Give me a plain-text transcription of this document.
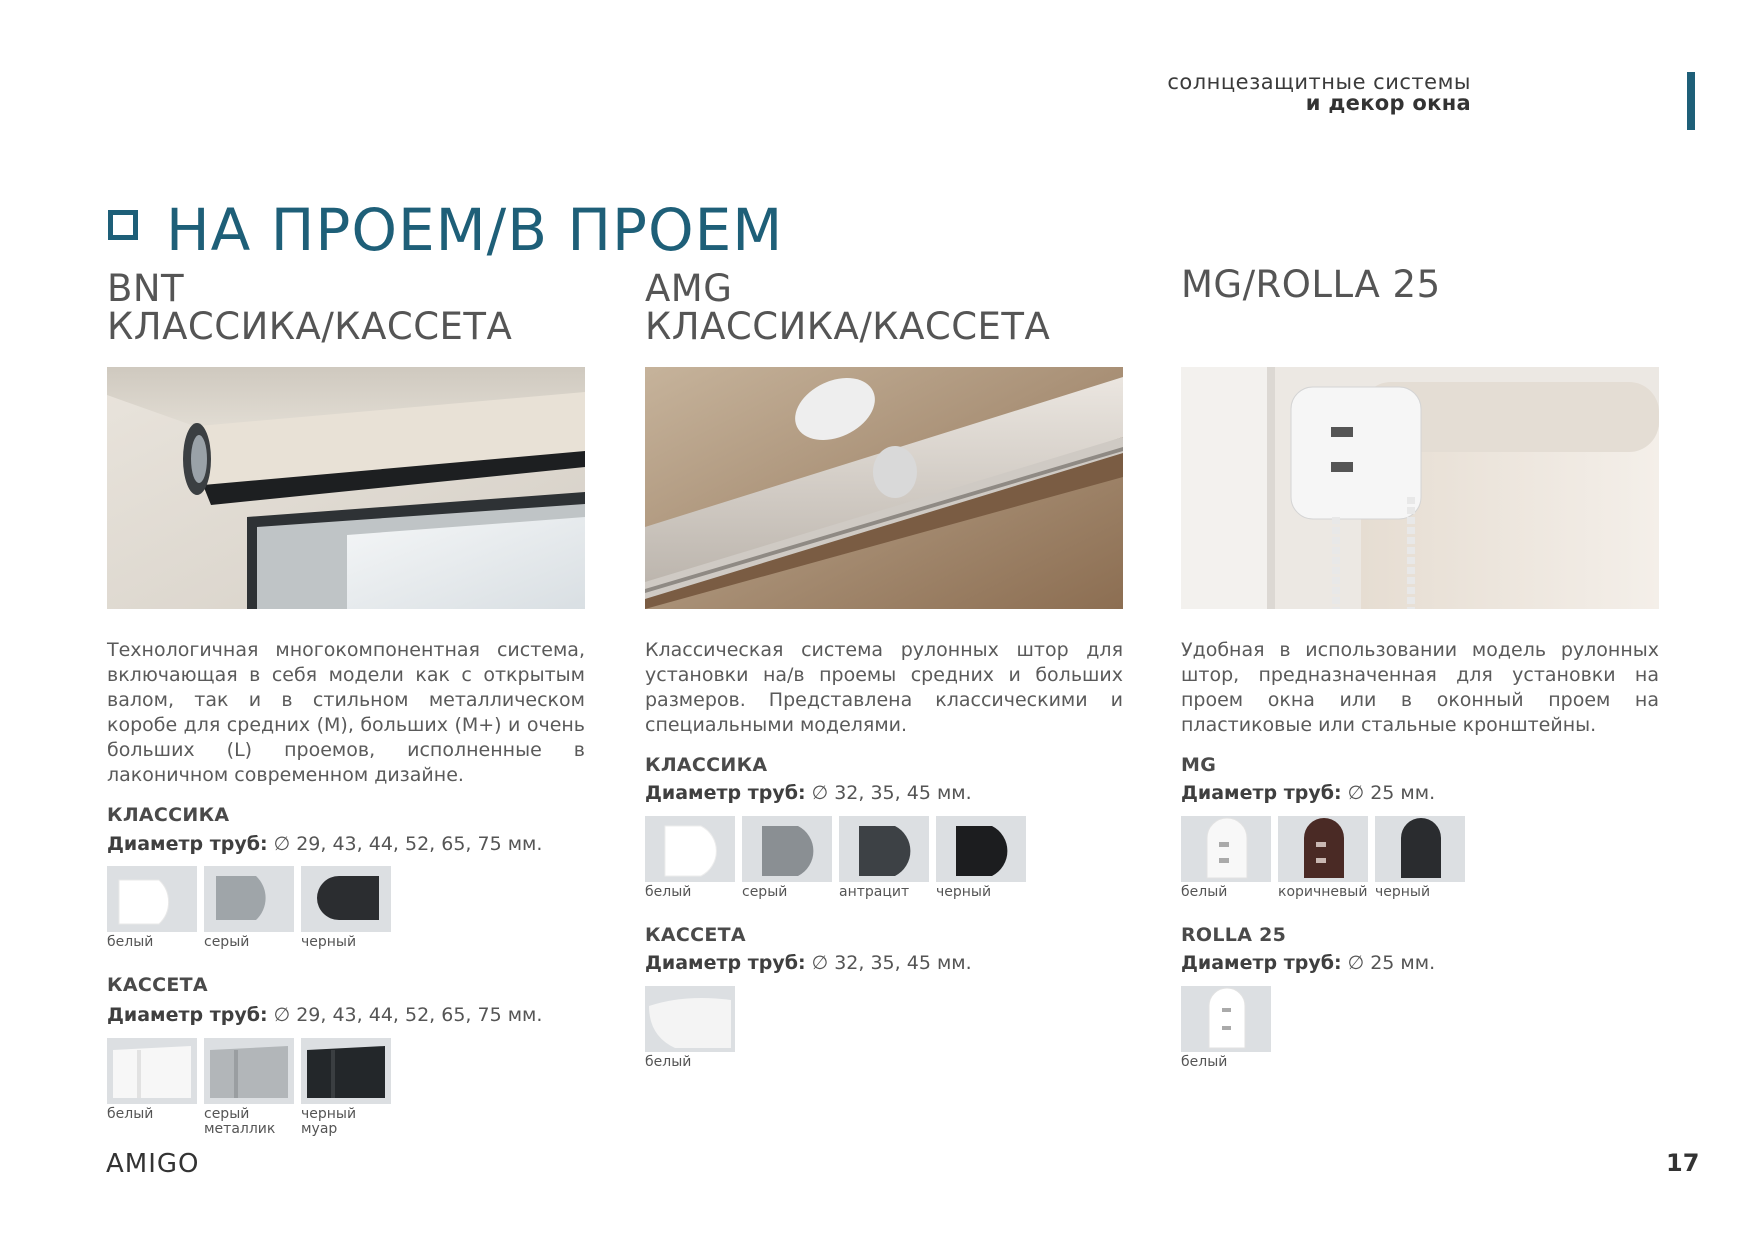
солнцезащитные системы
и декор окна
НА ПРОЕМ/В ПРОЕМ
BNT
КЛАССИКА/КАССЕТА

Технологичная многокомпонентная система, включающая в себя модели как с открытым валом, так и в стильном металлическом коробе для средних (M), больших (M+) и очень больших (L) проемов, исполненные в лаконичном современном дизайне.

КЛАССИКА

Диаметр труб: ∅ 29, 43, 44, 52, 65, 75 мм.

белый	серый	черный

КАССЕТА

Диаметр труб: ∅ 29, 43, 44, 52, 65, 75 мм.

белый	серый металлик
черный муар
AMG
КЛАССИКА/КАССЕТА

Классическая система рулонных штор для установки на/в проемы средних и больших размеров. Представлена классическими и специальными моделями.

КЛАССИКА

Диаметр труб: ∅ 32, 35, 45 мм.

белый	серый	антрацит	черный

КАССЕТА

Диаметр труб: ∅ 32, 35, 45 мм.

белый
MG/ROLLA 25

Удобная в использовании модель рулонных штор, предназначенная для установки на проем окна или в оконный проем на пластиковые или стальные кронштейны.

MG

Диаметр труб: ∅ 25 мм.

белый	коричневый черный

ROLLA 25

Диаметр труб: ∅ 25 мм.

белый
AMIGO	17
